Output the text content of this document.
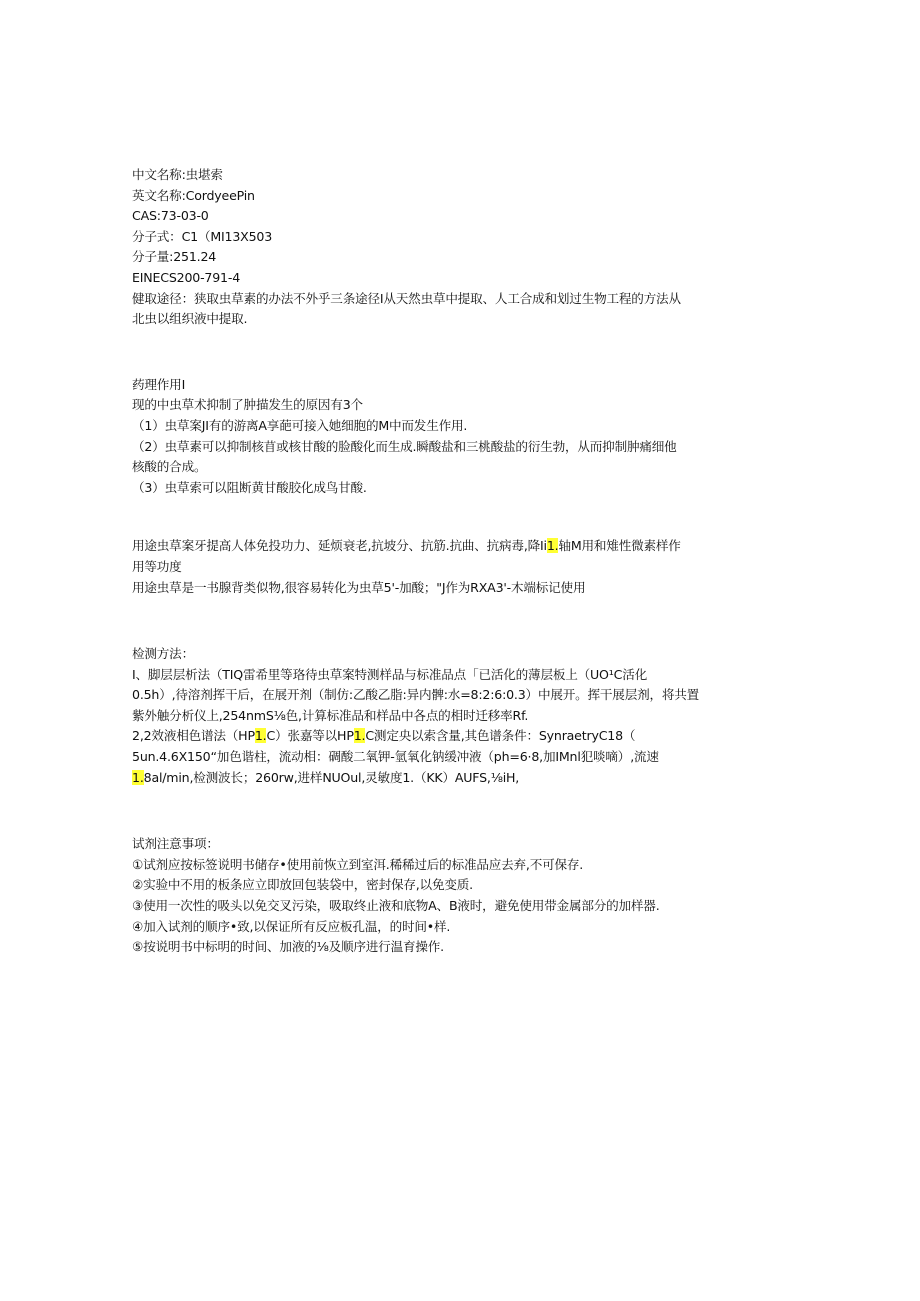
中文名称:虫堪索
英文名称:CordyeePin
CAS:73-03-0
分子式：C1（MI13X503
分子量:251.24
EINECS200-791-4
健取途径：狭取虫草素的办法不外乎三条途径I从天然虫草中提取、人工合成和划过生物工程的方法从
北虫以组织液中提取.
药理作用I
现的中虫草术抑制了肿描发生的原因有3个
（1）虫草案JI有的游离A享葩可接入她细胞的M中而发生作用.
（2）虫草素可以抑制核苜或核甘酸的脸酸化而生成.瞬酸盐和三桃酸盐的衍生勃，从而抑制肿痛细他
核酸的合成。
（3）虫草索可以阻断黄甘酸胶化成鸟甘酸.
用途虫草案牙提高人体免投功力、延烦衰老,抗坡分、抗筋.抗曲、抗病毒,降Ii1.轴M用和雉性微素样作
用等功度
用途虫草是一书腺背类似物,很容易转化为虫草5'-加酸；"J作为RXA3'-木端标记使用
检测方法：
I、脚层层析法（TIQ雷希里等珞待虫草案特测样品与标准品点「已活化的薄层板上（UO¹C活化
0.5h）,待溶剂挥干后，在展开剂（制仿:乙酸乙脂:异内髀:水=8:2:6:0.3）中展开。挥干展层剂，将共置
紫外触分析仪上,254nmS⅛色,计算标准品和样品中各点的相时迁移率Rf.
2,2效液相色谱法（HP1.C）张嘉等以HP1.C测定央以索含量,其色谱条件：SynraetryC18（
5un.4.6X150“加色谐柱，流动相：碉酸二氧钾-氫氧化钠缓冲液（ph=6·8,加IMnl犯啖嘀）,流速
1.8al∕min,检测波长；260rw,进样NUOul,灵敏度1.（KK）AUFS,⅛iH,
试剂注意事项：
①试剂应按标签说明书储存•使用前恢立到室洱.稀稀过后的标准品应去弃,不可保存.
②实验中不用的板条应立即放回包装袋中，密封保存,以免变质.
③使用一次性的吸头以免交叉污染，吸取终止液和底物A、B液时，避免使用带金属部分的加样器.
④加入试剂的顺序•致,以保证所有反应板孔温，的时间•样.
⑤按说明书中标明的时间、加液的⅛及顺序进行温育操作.
